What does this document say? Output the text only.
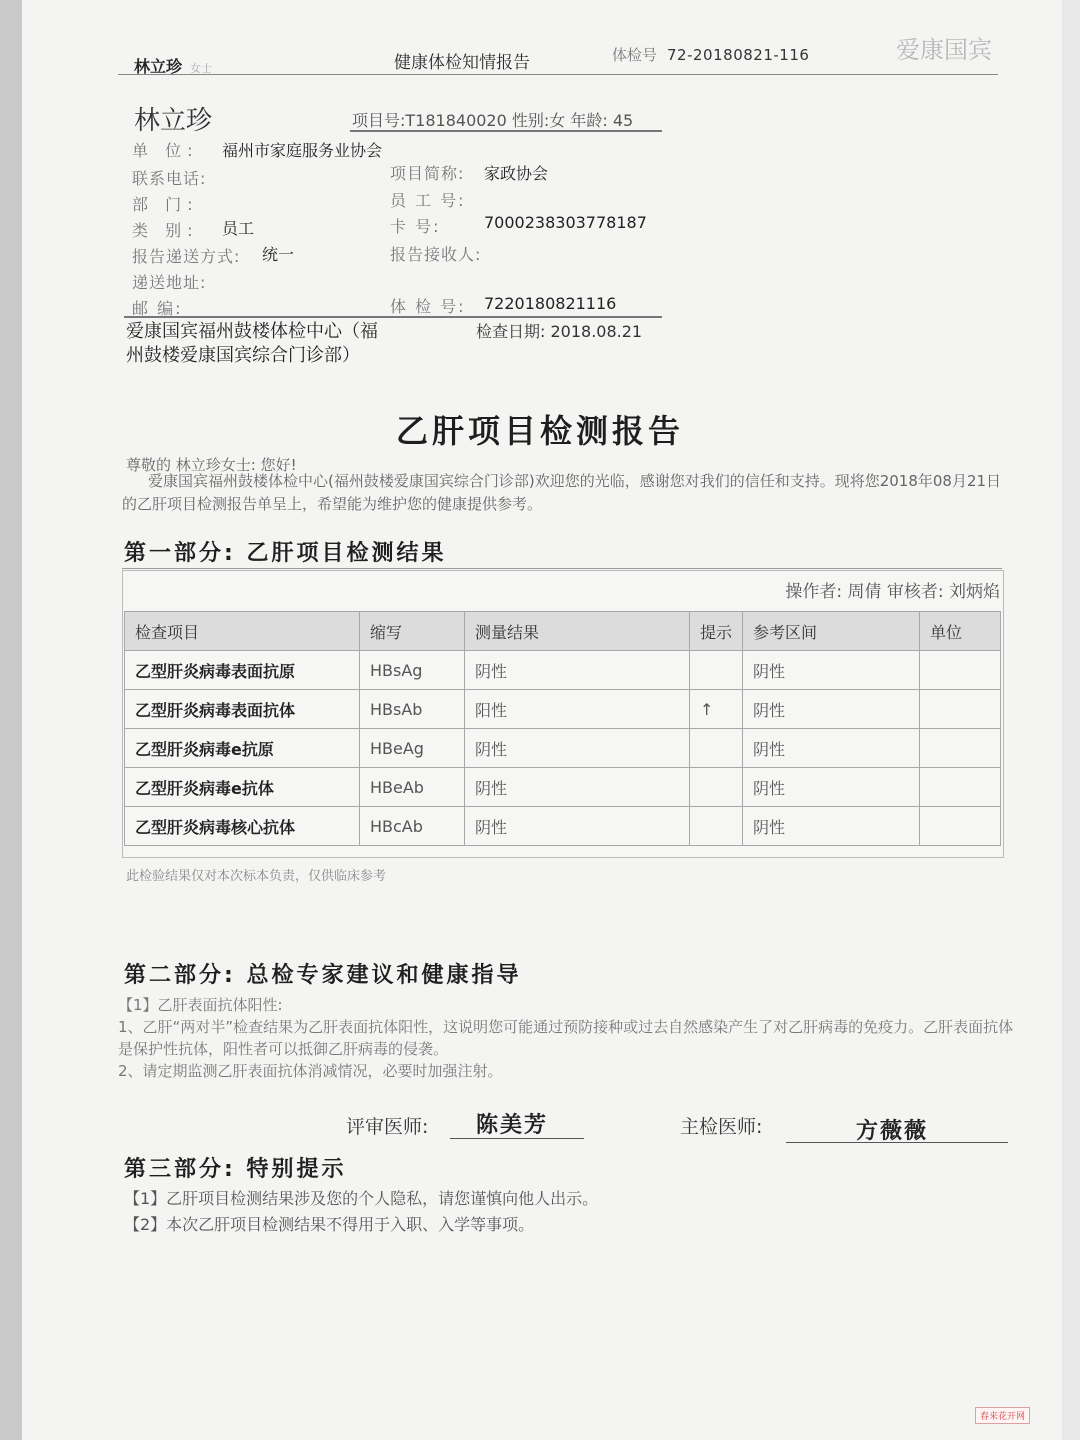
林立珍 女士	健康体检知情报告	体检号 72-20180821-116	爱康国宾
林立珍	项目号:T181840020 性别:女 年龄: 45
单 位: 福州市家庭服务业协会
联系电话:	项目简称: 家政协会
部 门:	员 工 号:
类 别: 员工	卡 号:	7000238303778187
报告递送方式: 统一	报告接收人:
递送地址:
邮 编:	体 检 号: 7220180821116
爱康国宾福州鼓楼体检中心（福州鼓楼爱康国宾综合门诊部）
检查日期: 2018.08.21
乙肝项目检测报告
尊敬的 林立珍女士: 您好!
爱康国宾福州鼓楼体检中心(福州鼓楼爱康国宾综合门诊部)欢迎您的光临，感谢您对我们的信任和支持。现将您2018年08月21日的乙肝项目检测报告单呈上，希望能为维护您的健康提供参考。
第一部分: 乙肝项目检测结果
操作者: 周倩 审核者: 刘炳焰
检查项目	缩写	测量结果	提示	参考区间	单位
乙型肝炎病毒表面抗原	HBsAg	阴性		阴性	
乙型肝炎病毒表面抗体	HBsAb	阳性	↑	阴性	
乙型肝炎病毒e抗原	HBeAg	阴性		阴性	
乙型肝炎病毒e抗体	HBeAb	阴性		阴性	
乙型肝炎病毒核心抗体	HBcAb	阴性		阴性	
此检验结果仅对本次标本负责，仅供临床参考
第二部分: 总检专家建议和健康指导
【1】乙肝表面抗体阳性:
1、乙肝“两对半”检查结果为乙肝表面抗体阳性，这说明您可能通过预防接种或过去自然感染产生了对乙肝病毒的免疫力。乙肝表面抗体是保护性抗体，阳性者可以抵御乙肝病毒的侵袭。
2、请定期监测乙肝表面抗体消减情况，必要时加强注射。
评审医师: 陈美芳	主检医师:	方薇薇
第三部分: 特别提示
【1】乙肝项目检测结果涉及您的个人隐私，请您谨慎向他人出示。
【2】本次乙肝项目检测结果不得用于入职、入学等事项。
春来花开网
